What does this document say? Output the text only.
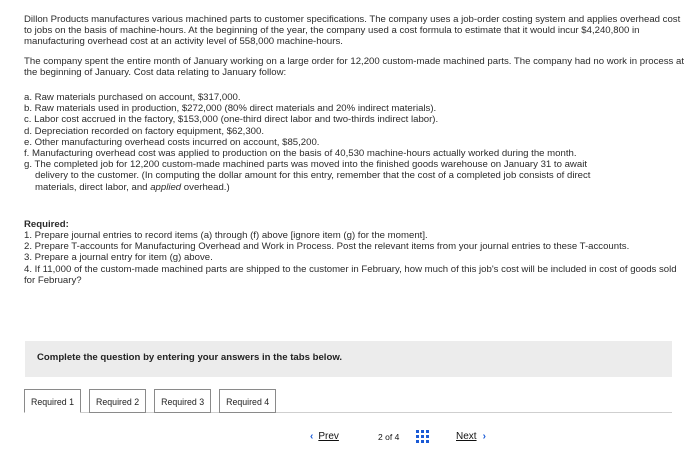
Dillon Products manufactures various machined parts to customer specifications. The company uses a job-order costing system and applies overhead cost to jobs on the basis of machine-hours. At the beginning of the year, the company used a cost formula to estimate that it would incur $4,240,800 in manufacturing overhead cost at an activity level of 558,000 machine-hours.

The company spent the entire month of January working on a large order for 12,200 custom-made machined parts. The company had no work in process at the beginning of January. Cost data relating to January follow:

a. Raw materials purchased on account, $317,000.
b. Raw materials used in production, $272,000 (80% direct materials and 20% indirect materials).
c. Labor cost accrued in the factory, $153,000 (one-third direct labor and two-thirds indirect labor).
d. Depreciation recorded on factory equipment, $62,300.
e. Other manufacturing overhead costs incurred on account, $85,200.
f. Manufacturing overhead cost was applied to production on the basis of 40,530 machine-hours actually worked during the month.
g. The completed job for 12,200 custom-made machined parts was moved into the finished goods warehouse on January 31 to await
delivery to the customer. (In computing the dollar amount for this entry, remember that the cost of a completed job consists of direct
materials, direct labor, and applied overhead.)
Required:
1. Prepare journal entries to record items (a) through (f) above [ignore item (g) for the moment].
2. Prepare T-accounts for Manufacturing Overhead and Work in Process. Post the relevant items from your journal entries to these T-accounts.
3. Prepare a journal entry for item (g) above.
4. If 11,000 of the custom-made machined parts are shipped to the customer in February, how much of this job's cost will be included in cost of goods sold for February?
Complete the question by entering your answers in the tabs below.
Required 1	Required 2	Required 3	Required 4
‹ Prev	2 of 4	Next ›
